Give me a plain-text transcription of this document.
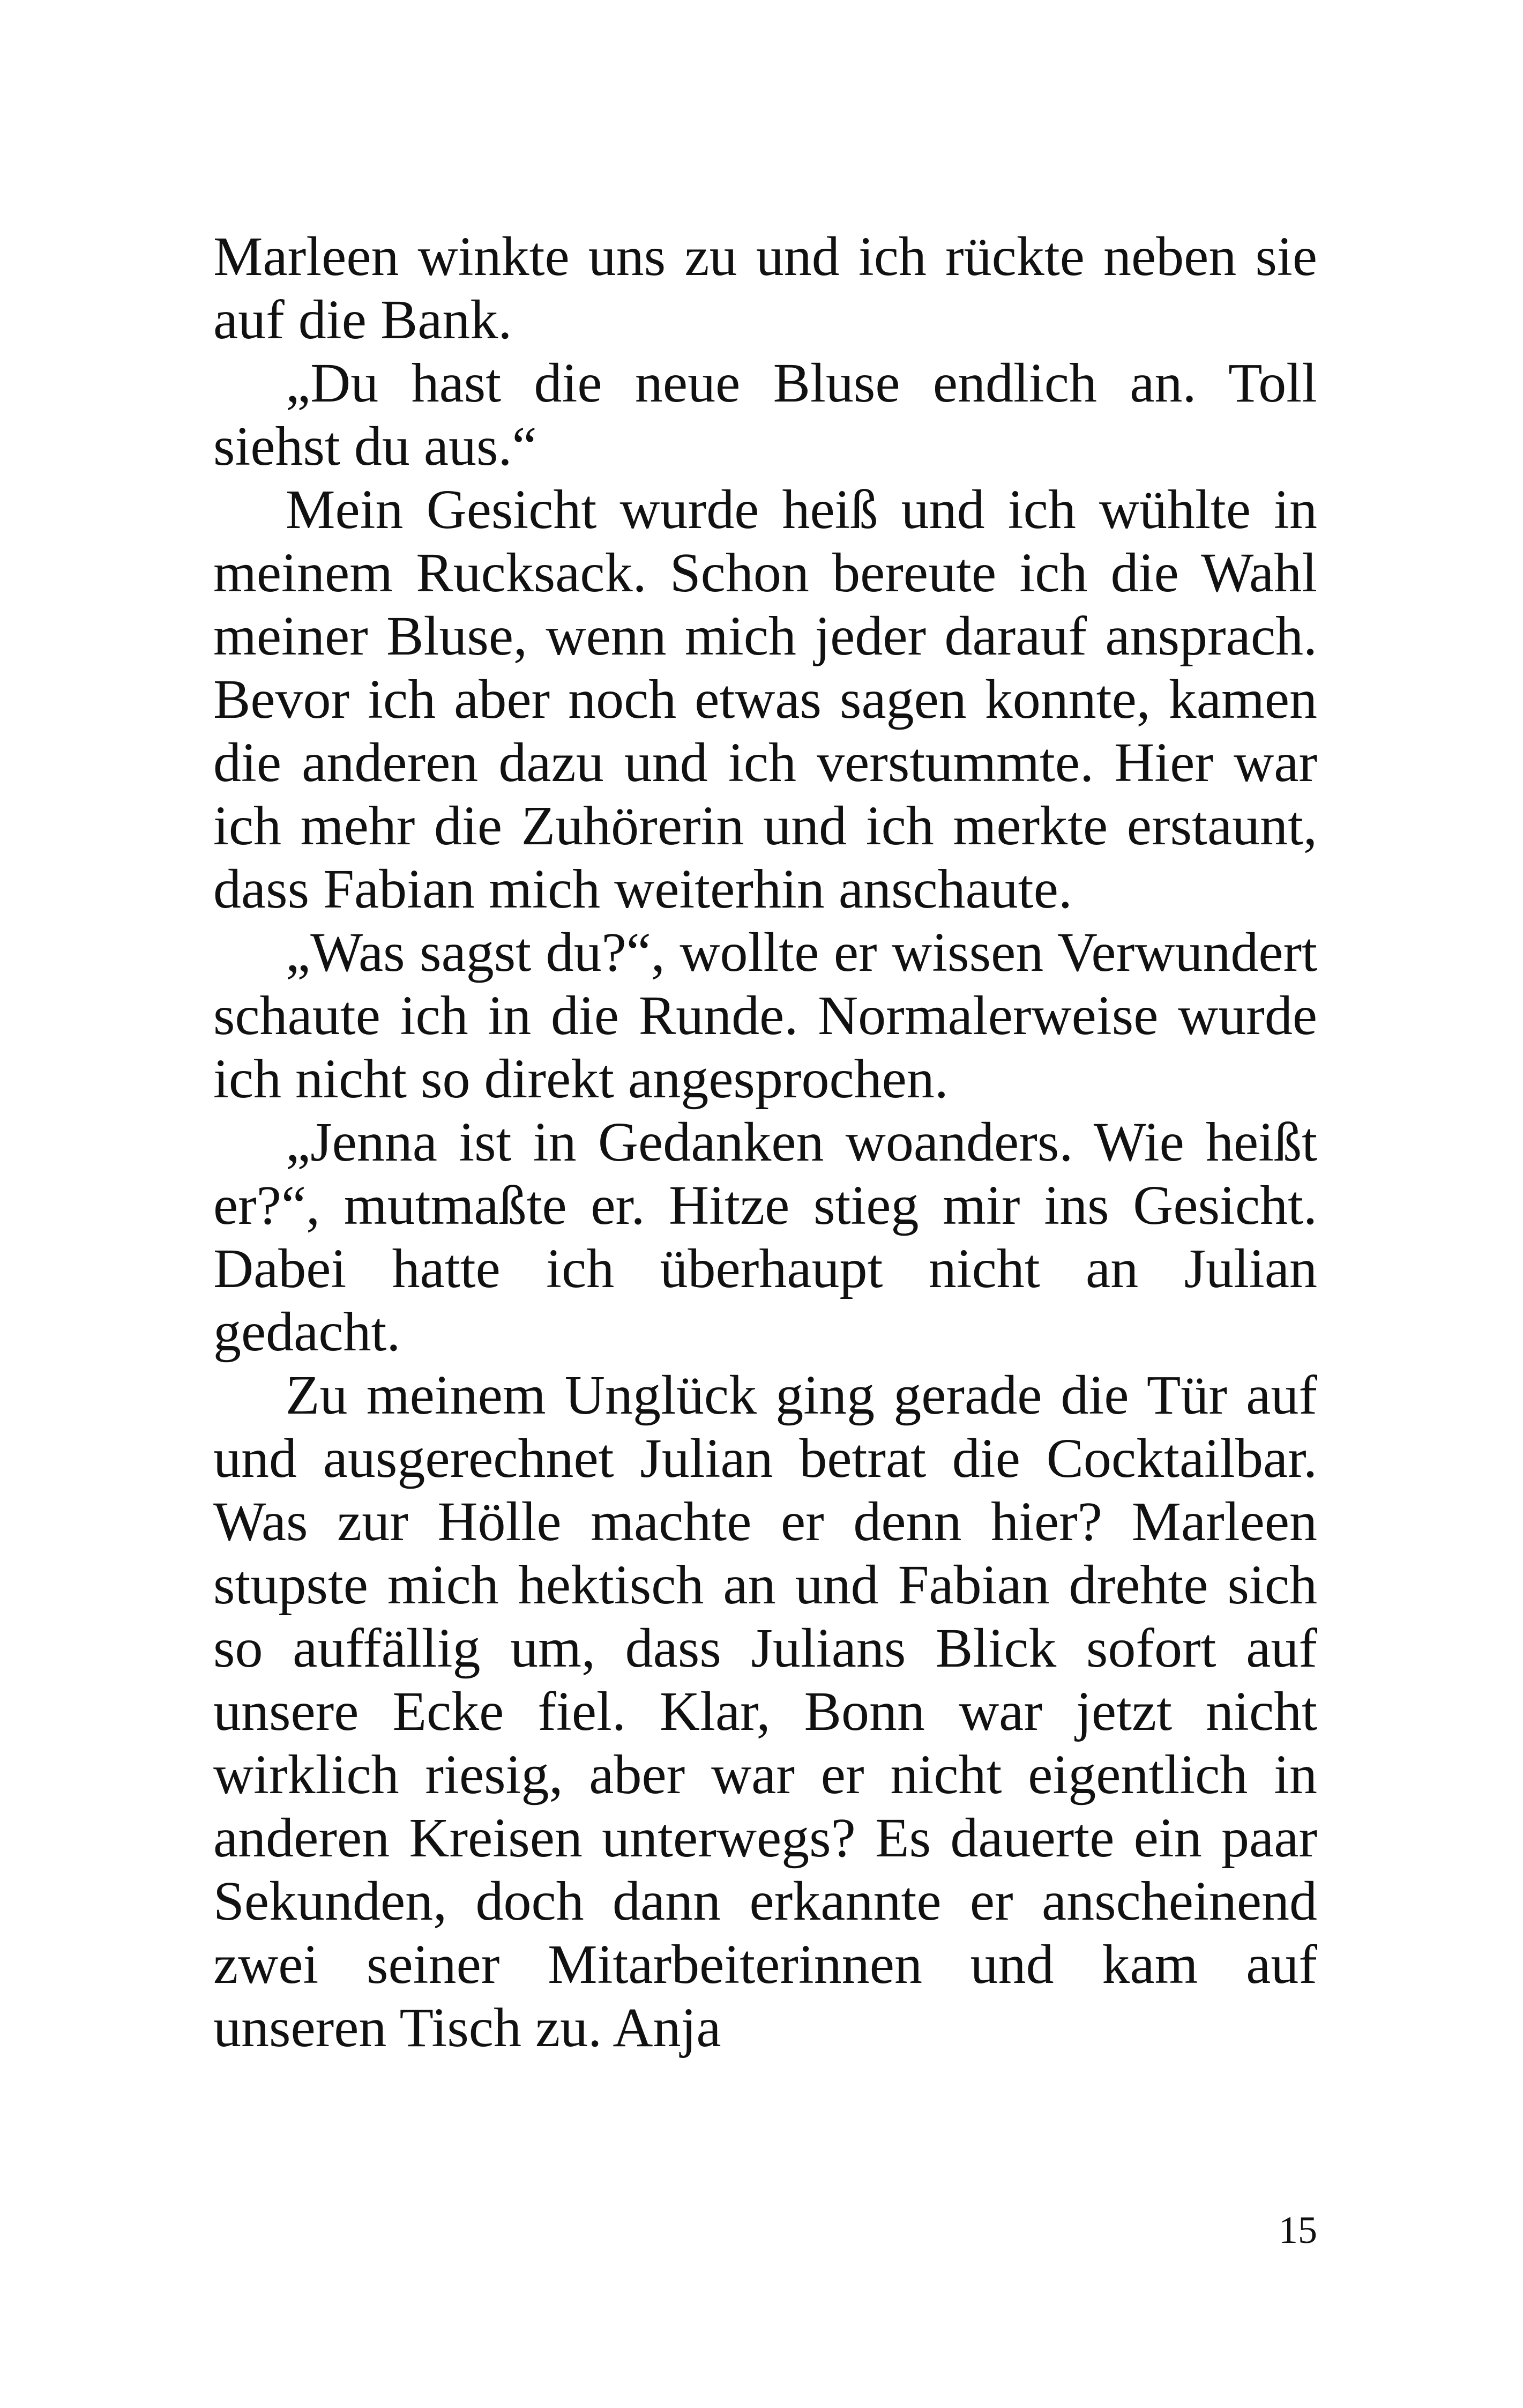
Marleen winkte uns zu und ich rückte neben sie auf die Bank.

„Du hast die neue Bluse endlich an. Toll siehst du aus.“

Mein Gesicht wurde heiß und ich wühlte in meinem Rucksack. Schon bereute ich die Wahl meiner Bluse, wenn mich jeder darauf ansprach. Bevor ich aber noch etwas sagen konnte, kamen die anderen dazu und ich verstummte. Hier war ich mehr die Zuhörerin und ich merkte erstaunt, dass Fabian mich weiterhin anschaute.

„Was sagst du?“, wollte er wissen Verwundert schaute ich in die Runde. Normalerweise wurde ich nicht so direkt angesprochen.

„Jenna ist in Gedanken woanders. Wie heißt er?“, mutmaßte er. Hitze stieg mir ins Gesicht. Dabei hatte ich überhaupt nicht an Julian gedacht.

Zu meinem Unglück ging gerade die Tür auf und ausgerechnet Julian betrat die Cocktailbar. Was zur Hölle machte er denn hier? Marleen stupste mich hektisch an und Fabian drehte sich so auffällig um, dass Julians Blick sofort auf unsere Ecke fiel. Klar, Bonn war jetzt nicht wirklich riesig, aber war er nicht eigentlich in anderen Kreisen unterwegs? Es dauerte ein paar Sekunden, doch dann erkannte er anscheinend zwei seiner Mitarbeiterinnen und kam auf unseren Tisch zu. Anja

15
